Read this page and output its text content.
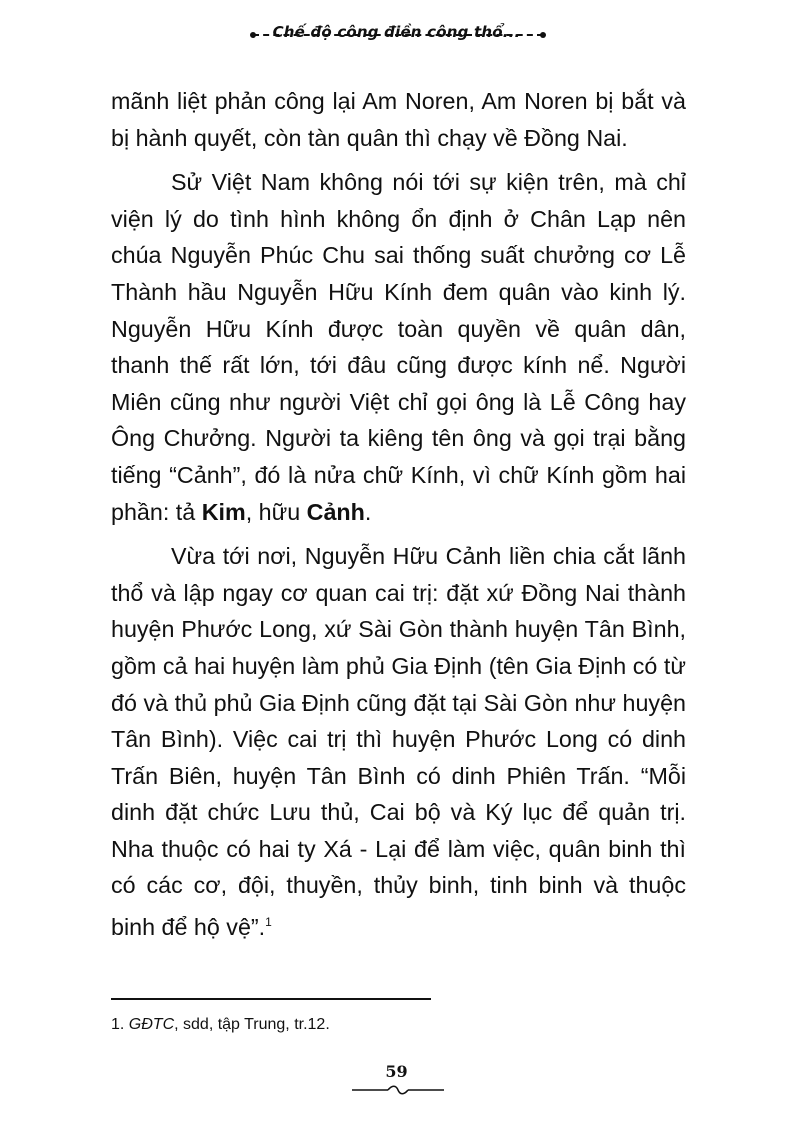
Chế độ công điền công thổ...

mãnh liệt phản công lại Am Noren, Am Noren bị bắt và bị hành quyết, còn tàn quân thì chạy về Đồng Nai.

Sử Việt Nam không nói tới sự kiện trên, mà chỉ viện lý do tình hình không ổn định ở Chân Lạp nên chúa Nguyễn Phúc Chu sai thống suất chưởng cơ Lễ Thành hầu Nguyễn Hữu Kính đem quân vào kinh lý. Nguyễn Hữu Kính được toàn quyền về quân dân, thanh thế rất lớn, tới đâu cũng được kính nể. Người Miên cũng như người Việt chỉ gọi ông là Lễ Công hay Ông Chưởng. Người ta kiêng tên ông và gọi trại bằng tiếng “Cảnh”, đó là nửa chữ Kính, vì chữ Kính gồm hai phần: tả Kim, hữu Cảnh.

Vừa tới nơi, Nguyễn Hữu Cảnh liền chia cắt lãnh thổ và lập ngay cơ quan cai trị: đặt xứ Đồng Nai thành huyện Phước Long, xứ Sài Gòn thành huyện Tân Bình, gồm cả hai huyện làm phủ Gia Định (tên Gia Định có từ đó và thủ phủ Gia Định cũng đặt tại Sài Gòn như huyện Tân Bình). Việc cai trị thì huyện Phước Long có dinh Trấn Biên, huyện Tân Bình có dinh Phiên Trấn. “Mỗi dinh đặt chức Lưu thủ, Cai bộ và Ký lục để quản trị. Nha thuộc có hai ty Xá - Lại để làm việc, quân binh thì có các cơ, đội, thuyền, thủy binh, tinh binh và thuộc binh để hộ vệ”.$^1$

1. GĐTC, sdd, tập Trung, tr.12.
59
